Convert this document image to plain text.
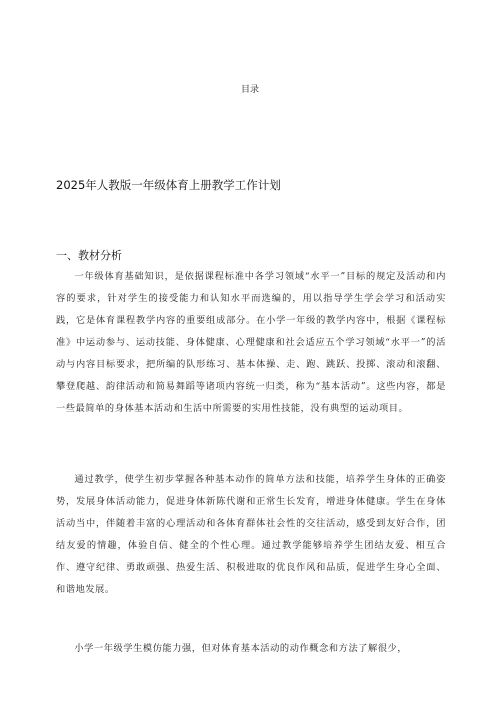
目录
2025年人教版一年级体育上册教学工作计划
一、教材分析

一年级体育基础知识，是依据课程标准中各学习领域“水平一”目标的规定及活动和内容的要求，针对学生的接受能力和认知水平而选编的，用以指导学生学会学习和活动实践，它是体育课程教学内容的重要组成部分。在小学一年级的教学内容中，根据《课程标准》中运动参与、运动技能、身体健康、心理健康和社会适应五个学习领域“水平一”的活动与内容目标要求，把所编的队形练习、基本体操、走、跑、跳跃、投掷、滚动和滚翻、攀登爬越、韵律活动和简易舞蹈等诸项内容统一归类，称为“基本活动”。这些内容，都是一些最简单的身体基本活动和生活中所需要的实用性技能，没有典型的运动项目。

通过教学，使学生初步掌握各种基本动作的简单方法和技能，培养学生身体的正确姿势，发展身体活动能力，促进身体新陈代谢和正常生长发育，增进身体健康。学生在身体活动当中，伴随着丰富的心理活动和各体育群体社会性的交往活动，感受到友好合作，团结友爱的情趣，体验自信、健全的个性心理。通过教学能够培养学生团结友爱、相互合作、遵守纪律、勇敢顽强、热爱生活、积极进取的优良作风和品质，促进学生身心全面、和谐地发展。

小学一年级学生模仿能力强，但对体育基本活动的动作概念和方法了解很少，
